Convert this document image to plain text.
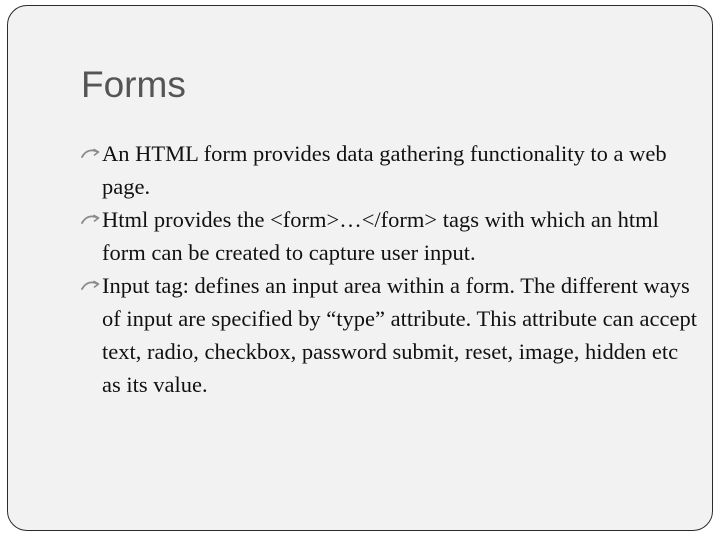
Forms
An HTML form provides data gathering functionality to a web page.
Html provides the <form>…</form> tags with which an html form can be created to capture user input.
Input tag: defines an input area within a form. The different ways of input are specified by “type” attribute. This attribute can accept text, radio, checkbox, password submit, reset, image, hidden etc as its value.
